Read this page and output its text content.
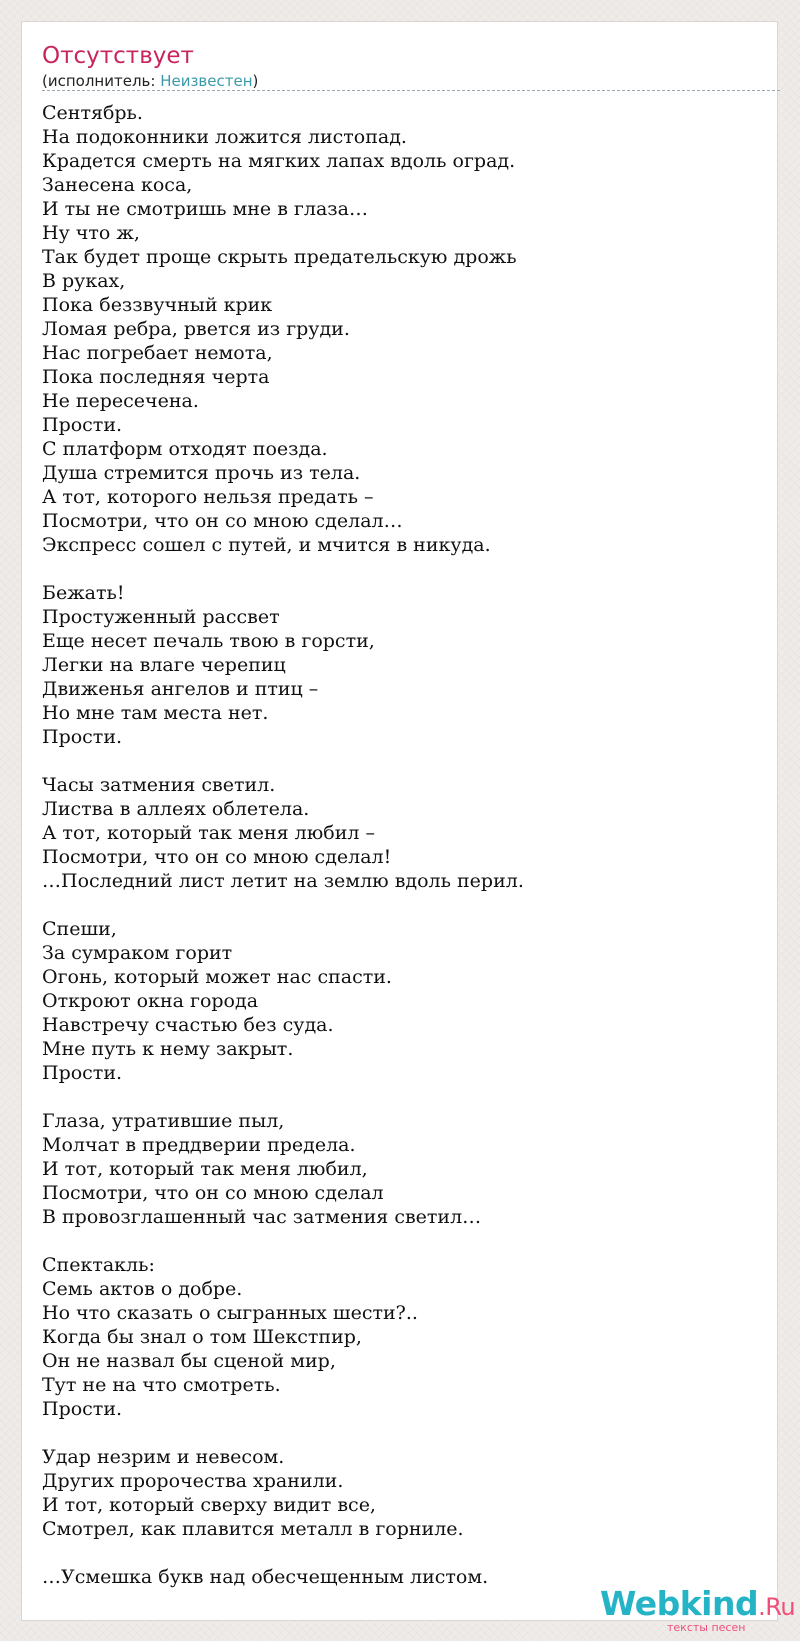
Отсутствует
(исполнитель: Неизвестен)
Сентябрь.
На подоконники ложится листопад.
Крадется смерть на мягких лапах вдоль оград.
Занесена коса,
И ты не смотришь мне в глаза…
Ну что ж,
Так будет проще скрыть предательскую дрожь
В руках,
Пока беззвучный крик
Ломая ребра, рвется из груди.
Нас погребает немота,
Пока последняя черта
Не пересечена.
Прости.
С платформ отходят поезда.
Душа стремится прочь из тела.
А тот, которого нельзя предать –
Посмотри, что он со мною сделал…
Экспресс сошел с путей, и мчится в никуда.
Бежать!
Простуженный рассвет
Еще несет печаль твою в горсти,
Легки на влаге черепиц
Движенья ангелов и птиц –
Но мне там места нет.
Прости.
Часы затмения светил.
Листва в аллеях облетела.
А тот, который так меня любил –
Посмотри, что он со мною сделал!
…Последний лист летит на землю вдоль перил.
Спеши,
За сумраком горит
Огонь, который может нас спасти.
Откроют окна города
Навстречу счастью без суда.
Мне путь к нему закрыт.
Прости.
Глаза, утратившие пыл,
Молчат в преддверии предела.
И тот, который так меня любил,
Посмотри, что он со мною сделал
В провозглашенный час затмения светил…
Спектакль:
Семь актов о добре.
Но что сказать о сыгранных шести?..
Когда бы знал о том Шекстпир,
Он не назвал бы сценой мир,
Тут не на что смотреть.
Прости.
Удар незрим и невесом.
Других пророчества хранили.
И тот, который сверху видит все,
Смотрел, как плавится металл в горниле.
…Усмешка букв над обесчещенным листом.
Webkind.Ru
тексты песен
